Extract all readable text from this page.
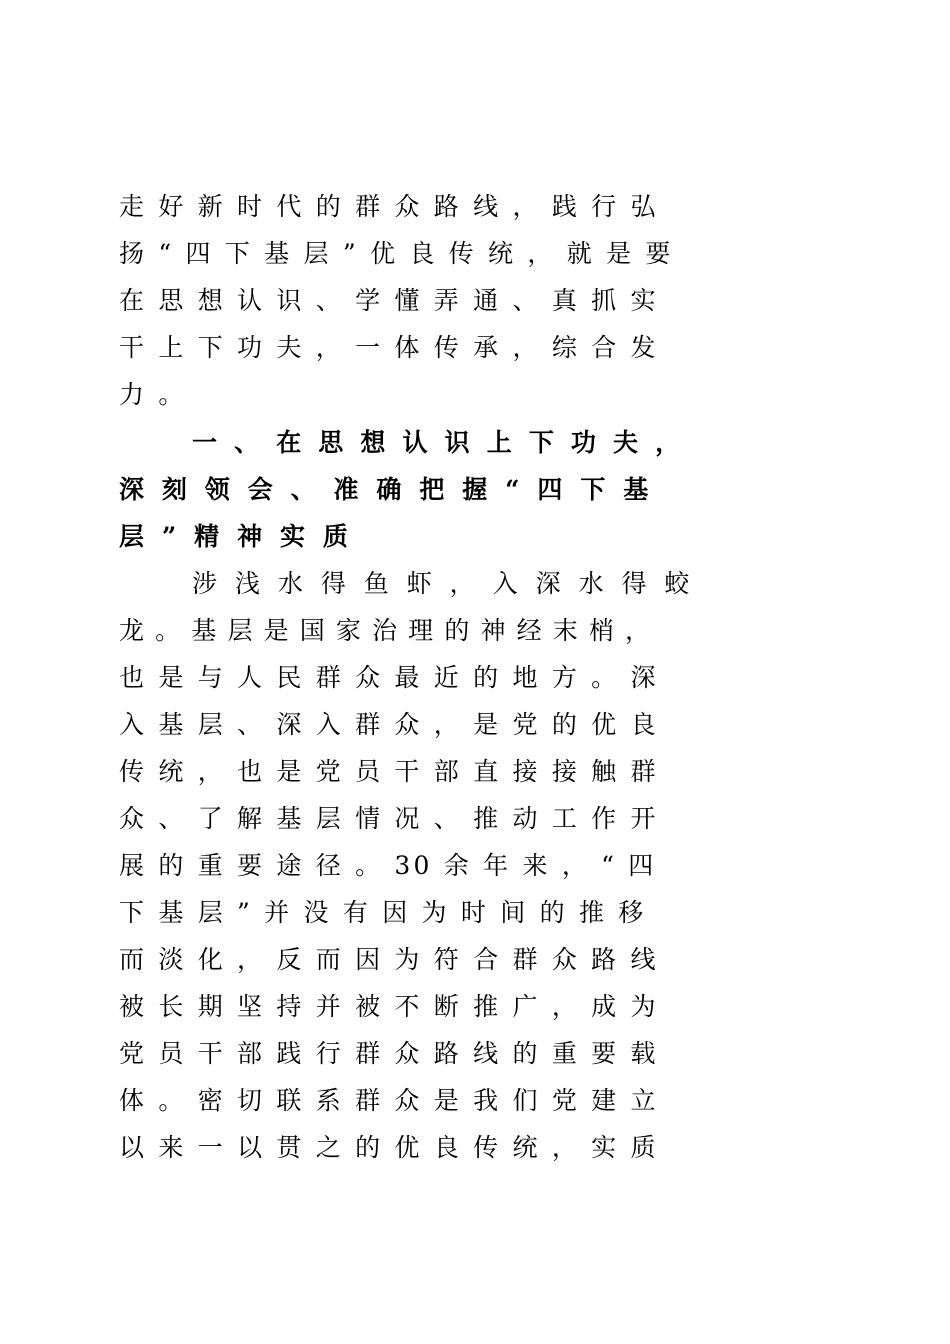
走 好 新 时 代 的 群 众 路 线 ， 践 行 弘
扬 “ 四 下 基 层 ” 优 良 传 统 ， 就 是 要
在 思 想 认 识 、 学 懂 弄 通 、 真 抓 实
干 上 下 功 夫 ， 一 体 传 承 ， 综 合 发
力 。
一 、 在 思 想 认 识 上 下 功 夫 ，
深 刻 领 会 、 准 确 把 握 “ 四 下 基
层 ” 精 神 实 质
涉 浅 水 得 鱼 虾 ， 入 深 水 得 蛟
龙 。 基 层 是 国 家 治 理 的 神 经 末 梢 ，
也 是 与 人 民 群 众 最 近 的 地 方 。 深
入 基 层 、 深 入 群 众 ， 是 党 的 优 良
传 统 ， 也 是 党 员 干 部 直 接 接 触 群
众 、 了 解 基 层 情 况 、 推 动 工 作 开
展 的 重 要 途 径 。 30 余 年 来 ， “ 四
下 基 层 ” 并 没 有 因 为 时 间 的 推 移
而 淡 化 ， 反 而 因 为 符 合 群 众 路 线
被 长 期 坚 持 并 被 不 断 推 广 ， 成 为
党 员 干 部 践 行 群 众 路 线 的 重 要 载
体 。 密 切 联 系 群 众 是 我 们 党 建 立
以 来 一 以 贯 之 的 优 良 传 统 ， 实 质
